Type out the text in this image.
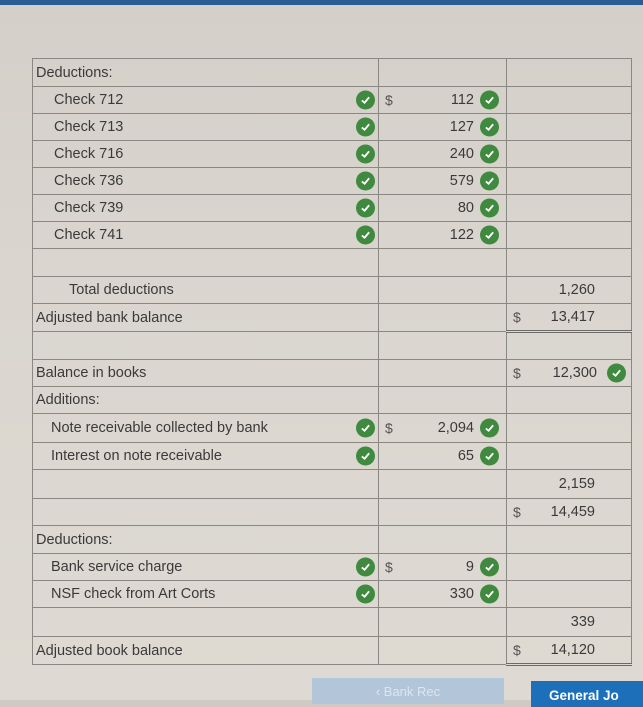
Deductions:		
Check 712	$ 112	

Check 713	127	

Check 716	240	

Check 736	579	

Check 739	80	

Check 741	122	

Total deductions		1,260

Adjusted bank balance		$ 13,417

Balance in books		$ 12,300

Additions:		
Note receivable collected by bank	$ 2,094	

Interest on note receivable	65	

		2,159

		$ 14,459

Deductions:		
Bank service charge	$ 9	

NSF check from Art Corts	330	

		339

Adjusted book balance		$ 14,120
‹ Bank Rec	General Jo
